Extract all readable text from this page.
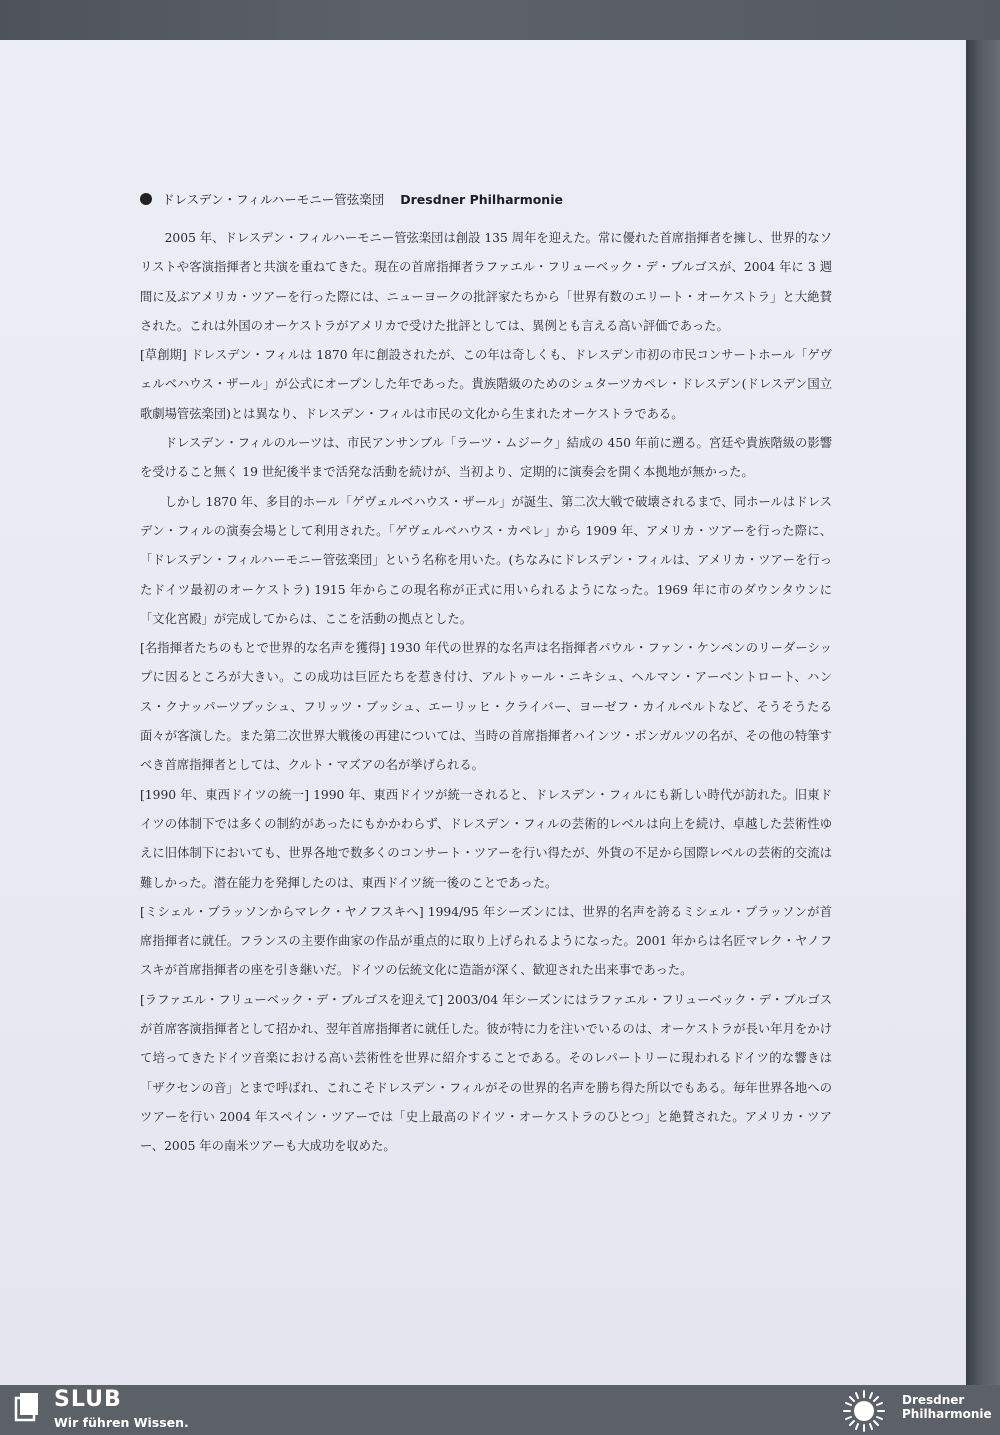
ドレスデン・フィルハーモニー管弦楽団 Dresdner Philharmonie

2005 年、ドレスデン・フィルハーモニー管弦楽団は創設 135 周年を迎えた。常に優れた首席指揮者を擁し、世界的なソリストや客演指揮者と共演を重ねてきた。現在の首席指揮者ラファエル・フリューベック・デ・ブルゴスが、2004 年に 3 週間に及ぶアメリカ・ツアーを行った際には、ニューヨークの批評家たちから「世界有数のエリート・オーケストラ」と大絶賛された。これは外国のオーケストラがアメリカで受けた批評としては、異例とも言える高い評価であった。

[草創期] ドレスデン・フィルは 1870 年に創設されたが、この年は奇しくも、ドレスデン市初の市民コンサートホール「ゲヴェルベハウス・ザール」が公式にオープンした年であった。貴族階級のためのシュターツカペレ・ドレスデン(ドレスデン国立歌劇場管弦楽団)とは異なり、ドレスデン・フィルは市民の文化から生まれたオーケストラである。

ドレスデン・フィルのルーツは、市民アンサンブル「ラーツ・ムジーク」結成の 450 年前に遡る。宮廷や貴族階級の影響を受けること無く 19 世紀後半まで活発な活動を続けが、当初より、定期的に演奏会を開く本拠地が無かった。

しかし 1870 年、多目的ホール「ゲヴェルベハウス・ザール」が誕生、第二次大戦で破壊されるまで、同ホールはドレスデン・フィルの演奏会場として利用された。「ゲヴェルベハウス・カペレ」から 1909 年、アメリカ・ツアーを行った際に、「ドレスデン・フィルハーモニー管弦楽団」という名称を用いた。(ちなみにドレスデン・フィルは、アメリカ・ツアーを行ったドイツ最初のオーケストラ) 1915 年からこの現名称が正式に用いられるようになった。1969 年に市のダウンタウンに「文化宮殿」が完成してからは、ここを活動の拠点とした。

[名指揮者たちのもとで世界的な名声を獲得] 1930 年代の世界的な名声は名指揮者パウル・ファン・ケンペンのリーダーシップに因るところが大きい。この成功は巨匠たちを惹き付け、アルトゥール・ニキシュ、ヘルマン・アーベントロート、ハンス・クナッパーツブッシュ、フリッツ・ブッシュ、エーリッヒ・クライバー、ヨーゼフ・カイルベルトなど、そうそうたる面々が客演した。また第二次世界大戦後の再建については、当時の首席指揮者ハインツ・ボンガルツの名が、その他の特筆すべき首席指揮者としては、クルト・マズアの名が挙げられる。

[1990 年、東西ドイツの統一] 1990 年、東西ドイツが統一されると、ドレスデン・フィルにも新しい時代が訪れた。旧東ドイツの体制下では多くの制約があったにもかかわらず、ドレスデン・フィルの芸術的レベルは向上を続け、卓越した芸術性ゆえに旧体制下においても、世界各地で数多くのコンサート・ツアーを行い得たが、外貨の不足から国際レベルの芸術的交流は難しかった。潜在能力を発揮したのは、東西ドイツ統一後のことであった。

[ミシェル・プラッソンからマレク・ヤノフスキへ] 1994/95 年シーズンには、世界的名声を誇るミシェル・プラッソンが首席指揮者に就任。フランスの主要作曲家の作品が重点的に取り上げられるようになった。2001 年からは名匠マレク・ヤノフスキが首席指揮者の座を引き継いだ。ドイツの伝統文化に造詣が深く、歓迎された出来事であった。

[ラファエル・フリューベック・デ・ブルゴスを迎えて] 2003/04 年シーズンにはラファエル・フリューベック・デ・ブルゴスが首席客演指揮者として招かれ、翌年首席指揮者に就任した。彼が特に力を注いでいるのは、オーケストラが長い年月をかけて培ってきたドイツ音楽における高い芸術性を世界に紹介することである。そのレパートリーに現われるドイツ的な響きは「ザクセンの音」とまで呼ばれ、これこそドレスデン・フィルがその世界的名声を勝ち得た所以でもある。毎年世界各地へのツアーを行い 2004 年スペイン・ツアーでは「史上最高のドイツ・オーケストラのひとつ」と絶賛された。アメリカ・ツアー、2005 年の南米ツアーも大成功を収めた。

SLUB
Wir führen Wissen.
Dresdner
Philharmonie
